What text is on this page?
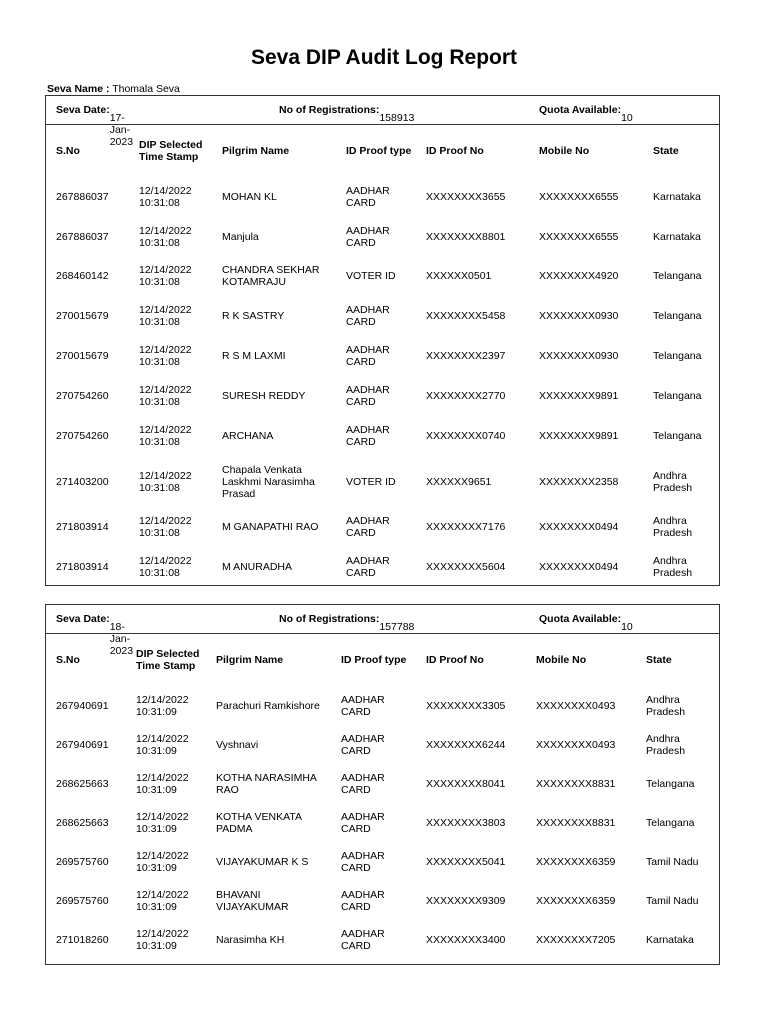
Seva DIP Audit Log Report
Seva Name : Thomala Seva
Seva Date:
17-Jan-2023
No of Registrations:
158913
Quota Available:
10
S.No	DIP Selected Time Stamp	Pilgrim Name	ID Proof type	ID Proof No	Mobile No	State
267886037	12/14/2022 10:31:08	MOHAN KL	AADHAR CARD	XXXXXXXX3655	XXXXXXXX6555	Karnataka
267886037	12/14/2022 10:31:08	Manjula	AADHAR CARD	XXXXXXXX8801	XXXXXXXX6555	Karnataka
268460142	12/14/2022 10:31:08	CHANDRA SEKHAR KOTAMRAJU	VOTER ID	XXXXXX0501	XXXXXXXX4920	Telangana
270015679	12/14/2022 10:31:08	R K SASTRY	AADHAR CARD	XXXXXXXX5458	XXXXXXXX0930	Telangana
270015679	12/14/2022 10:31:08	R S M LAXMI	AADHAR CARD	XXXXXXXX2397	XXXXXXXX0930	Telangana
270754260	12/14/2022 10:31:08	SURESH REDDY	AADHAR CARD	XXXXXXXX2770	XXXXXXXX9891	Telangana
270754260	12/14/2022 10:31:08	ARCHANA	AADHAR CARD	XXXXXXXX0740	XXXXXXXX9891	Telangana
271403200	12/14/2022 10:31:08	Chapala Venkata Laskhmi Narasimha Prasad	VOTER ID	XXXXXX9651	XXXXXXXX2358	Andhra Pradesh
271803914	12/14/2022 10:31:08	M GANAPATHI RAO	AADHAR CARD	XXXXXXXX7176	XXXXXXXX0494	Andhra Pradesh
271803914	12/14/2022 10:31:08	M ANURADHA	AADHAR CARD	XXXXXXXX5604	XXXXXXXX0494	Andhra Pradesh
Seva Date:
18-Jan-2023
No of Registrations:
157788
Quota Available:
10
S.No	DIP Selected Time Stamp	Pilgrim Name	ID Proof type	ID Proof No	Mobile No	State
267940691	12/14/2022 10:31:09	Parachuri Ramkishore	AADHAR CARD	XXXXXXXX3305	XXXXXXXX0493	Andhra Pradesh
267940691	12/14/2022 10:31:09	Vyshnavi	AADHAR CARD	XXXXXXXX6244	XXXXXXXX0493	Andhra Pradesh
268625663	12/14/2022 10:31:09	KOTHA NARASIMHA RAO	AADHAR CARD	XXXXXXXX8041	XXXXXXXX8831	Telangana
268625663	12/14/2022 10:31:09	KOTHA VENKATA PADMA	AADHAR CARD	XXXXXXXX3803	XXXXXXXX8831	Telangana
269575760	12/14/2022 10:31:09	VIJAYAKUMAR K S	AADHAR CARD	XXXXXXXX5041	XXXXXXXX6359	Tamil Nadu
269575760	12/14/2022 10:31:09	BHAVANI VIJAYAKUMAR	AADHAR CARD	XXXXXXXX9309	XXXXXXXX6359	Tamil Nadu
271018260	12/14/2022 10:31:09	Narasimha KH	AADHAR CARD	XXXXXXXX3400	XXXXXXXX7205	Karnataka
